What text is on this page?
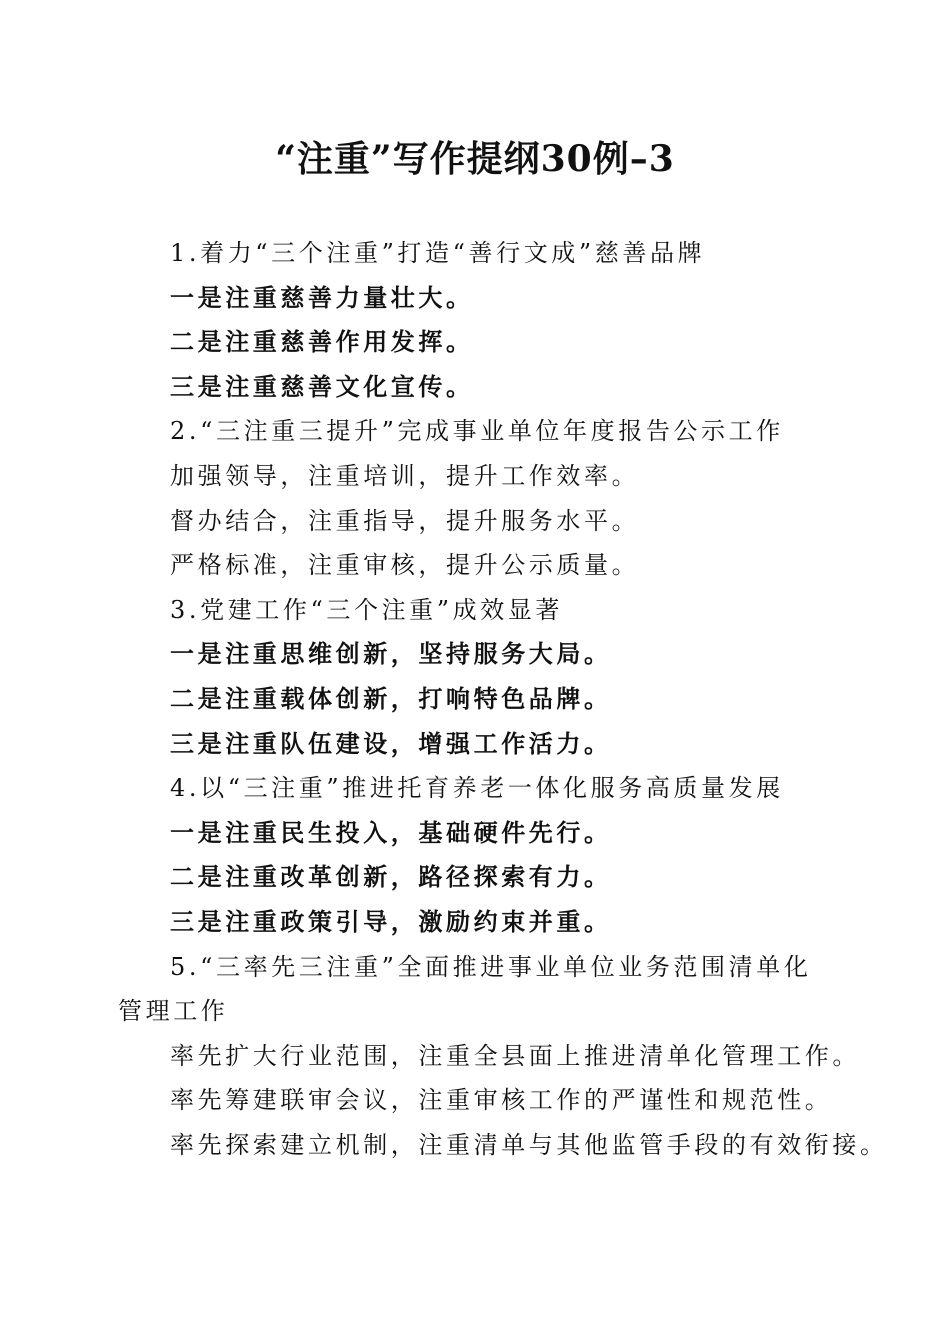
“注重”写作提纲30例–3
1.着力“三个注重”打造“善行文成”慈善品牌
一是注重慈善力量壮大。
二是注重慈善作用发挥。
三是注重慈善文化宣传。
2.“三注重三提升”完成事业单位年度报告公示工作
加强领导，注重培训，提升工作效率。
督办结合，注重指导，提升服务水平。
严格标准，注重审核，提升公示质量。
3.党建工作“三个注重”成效显著
一是注重思维创新，坚持服务大局。
二是注重载体创新，打响特色品牌。
三是注重队伍建设，增强工作活力。
4.以“三注重”推进托育养老一体化服务高质量发展
一是注重民生投入，基础硬件先行。
二是注重改革创新，路径探索有力。
三是注重政策引导，激励约束并重。
5.“三率先三注重”全面推进事业单位业务范围清单化管理工作
率先扩大行业范围，注重全县面上推进清单化管理工作。
率先筹建联审会议，注重审核工作的严谨性和规范性。
率先探索建立机制，注重清单与其他监管手段的有效衔接。
